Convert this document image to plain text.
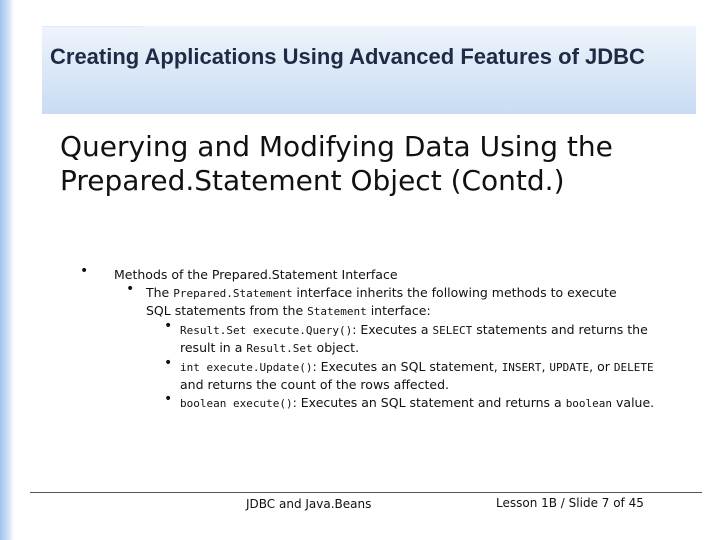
Creating Applications Using Advanced Features of JDBC
Querying and Modifying Data Using the Prepared.Statement Object (Contd.)
• Methods of the Prepared.Statement Interface
• The Prepared.Statement interface inherits the following methods to execute SQL statements from the Statement interface:
• Result.Set execute.Query(): Executes a SELECT statements and returns the result in a Result.Set object.
• int execute.Update(): Executes an SQL statement, INSERT, UPDATE, or DELETE and returns the count of the rows affected.
• boolean execute(): Executes an SQL statement and returns a boolean value.
JDBC and Java.Beans	Lesson 1B / Slide 7 of 45
